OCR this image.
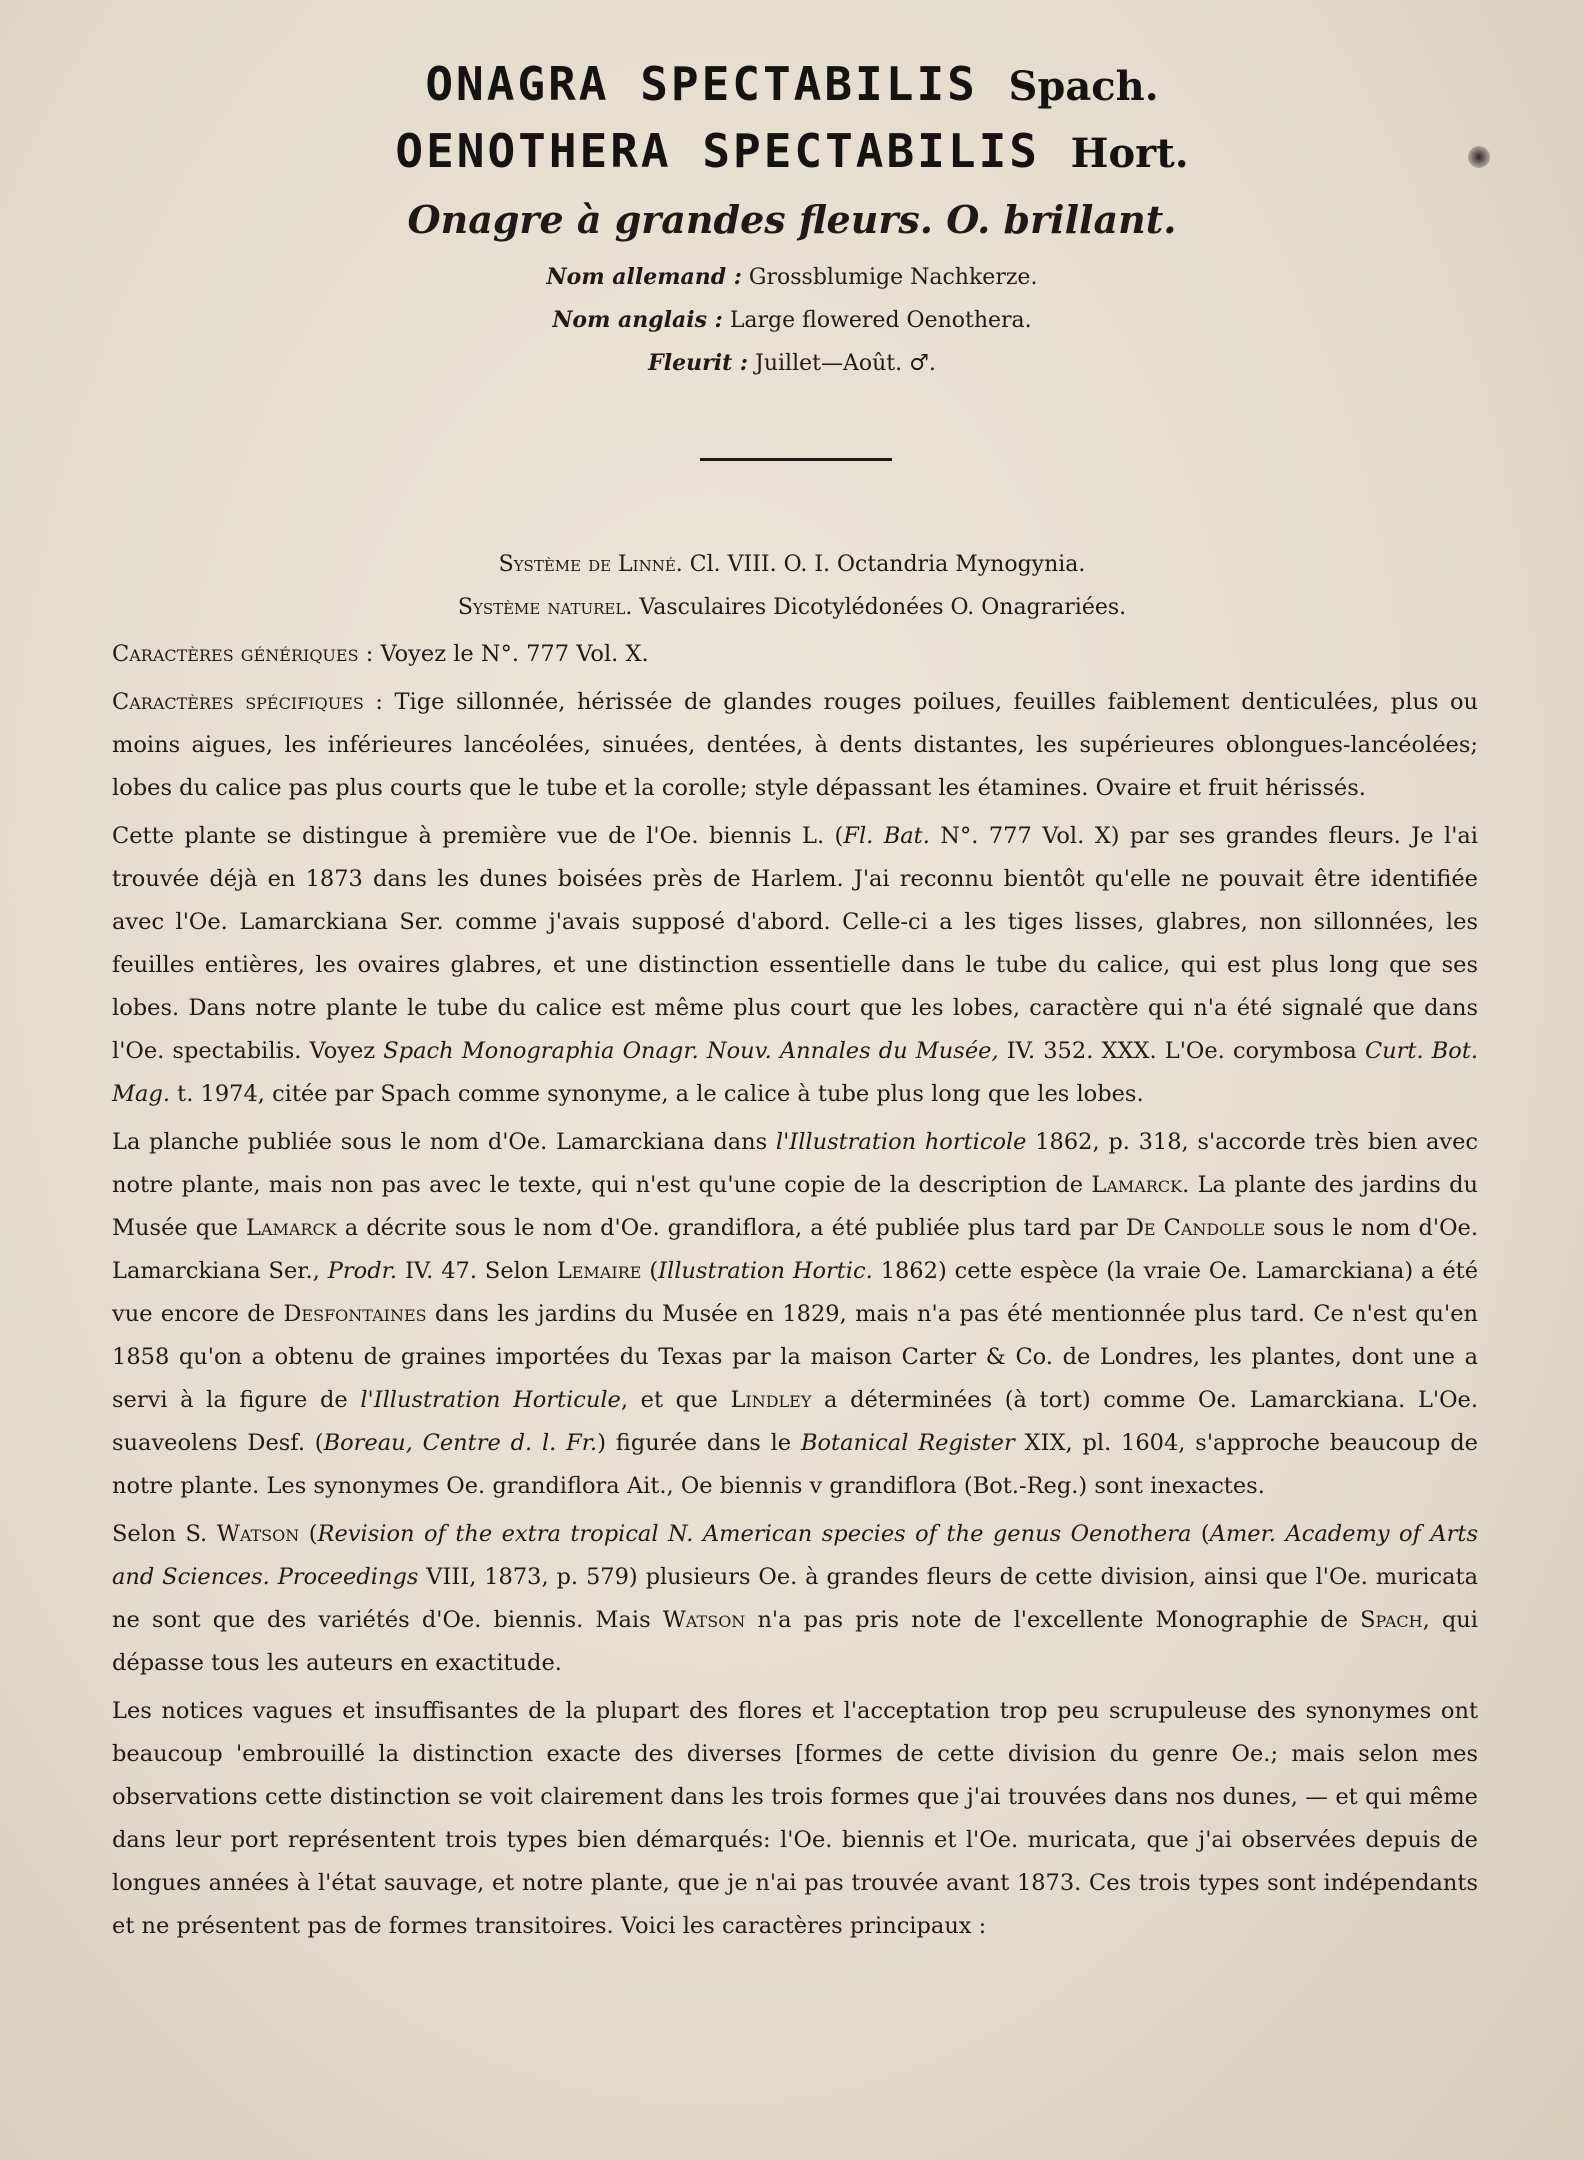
ONAGRA SPECTABILIS Spach.
OENOTHERA SPECTABILIS Hort.
Onagre à grandes fleurs. O. brillant.
Nom allemand : Grossblumige Nachkerze.
Nom anglais : Large flowered Oenothera.
Fleurit : Juillet—Août. ♂.
Système de Linné. Cl. VIII. O. I. Octandria Mynogynia.
Système naturel. Vasculaires Dicotylédonées O. Onagrariées.

Caractères génériques : Voyez le N°. 777 Vol. X.

Caractères spécifiques : Tige sillonnée, hérissée de glandes rouges poilues, feuilles faiblement denticulées, plus ou moins aigues, les inférieures lancéolées, sinuées, dentées, à dents distantes, les supérieures oblongues-lancéolées; lobes du calice pas plus courts que le tube et la corolle; style dépassant les étamines. Ovaire et fruit hérissés.

Cette plante se distingue à première vue de l'Oe. biennis L. (Fl. Bat. N°. 777 Vol. X) par ses grandes fleurs. Je l'ai trouvée déjà en 1873 dans les dunes boisées près de Harlem. J'ai reconnu bientôt qu'elle ne pouvait être identifiée avec l'Oe. Lamarckiana Ser. comme j'avais supposé d'abord. Celle-ci a les tiges lisses, glabres, non sillonnées, les feuilles entières, les ovaires glabres, et une distinction essentielle dans le tube du calice, qui est plus long que ses lobes. Dans notre plante le tube du calice est même plus court que les lobes, caractère qui n'a été signalé que dans l'Oe. spectabilis. Voyez Spach Monographia Onagr. Nouv. Annales du Musée, IV. 352. XXX. L'Oe. corymbosa Curt. Bot. Mag. t. 1974, citée par Spach comme synonyme, a le calice à tube plus long que les lobes.

La planche publiée sous le nom d'Oe. Lamarckiana dans l'Illustration horticole 1862, p. 318, s'accorde très bien avec notre plante, mais non pas avec le texte, qui n'est qu'une copie de la description de Lamarck. La plante des jardins du Musée que Lamarck a décrite sous le nom d'Oe. grandiflora, a été publiée plus tard par De Candolle sous le nom d'Oe. Lamarckiana Ser., Prodr. IV. 47. Selon Lemaire (Illustration Hortic. 1862) cette espèce (la vraie Oe. Lamarckiana) a été vue encore de Desfontaines dans les jardins du Musée en 1829, mais n'a pas été mentionnée plus tard. Ce n'est qu'en 1858 qu'on a obtenu de graines importées du Texas par la maison Carter & Co. de Londres, les plantes, dont une a servi à la figure de l'Illustration Horticule, et que Lindley a déterminées (à tort) comme Oe. Lamarckiana. L'Oe. suaveolens Desf. (Boreau, Centre d. l. Fr.) figurée dans le Botanical Register XIX, pl. 1604, s'approche beaucoup de notre plante. Les synonymes Oe. grandiflora Ait., Oe biennis v grandiflora (Bot.-Reg.) sont inexactes.

Selon S. Watson (Revision of the extra tropical N. American species of the genus Oenothera (Amer. Academy of Arts and Sciences. Proceedings VIII, 1873, p. 579) plusieurs Oe. à grandes fleurs de cette division, ainsi que l'Oe. muricata ne sont que des variétés d'Oe. biennis. Mais Watson n'a pas pris note de l'excellente Monographie de Spach, qui dépasse tous les auteurs en exactitude.

Les notices vagues et insuffisantes de la plupart des flores et l'acceptation trop peu scrupuleuse des synonymes ont beaucoup 'embrouillé la distinction exacte des diverses [formes de cette division du genre Oe.; mais selon mes observations cette distinction se voit clairement dans les trois formes que j'ai trouvées dans nos dunes, — et qui même dans leur port représentent trois types bien démarqués: l'Oe. biennis et l'Oe. muricata, que j'ai observées depuis de longues années à l'état sauvage, et notre plante, que je n'ai pas trouvée avant 1873. Ces trois types sont indépendants et ne présentent pas de formes transitoires. Voici les caractères principaux :
